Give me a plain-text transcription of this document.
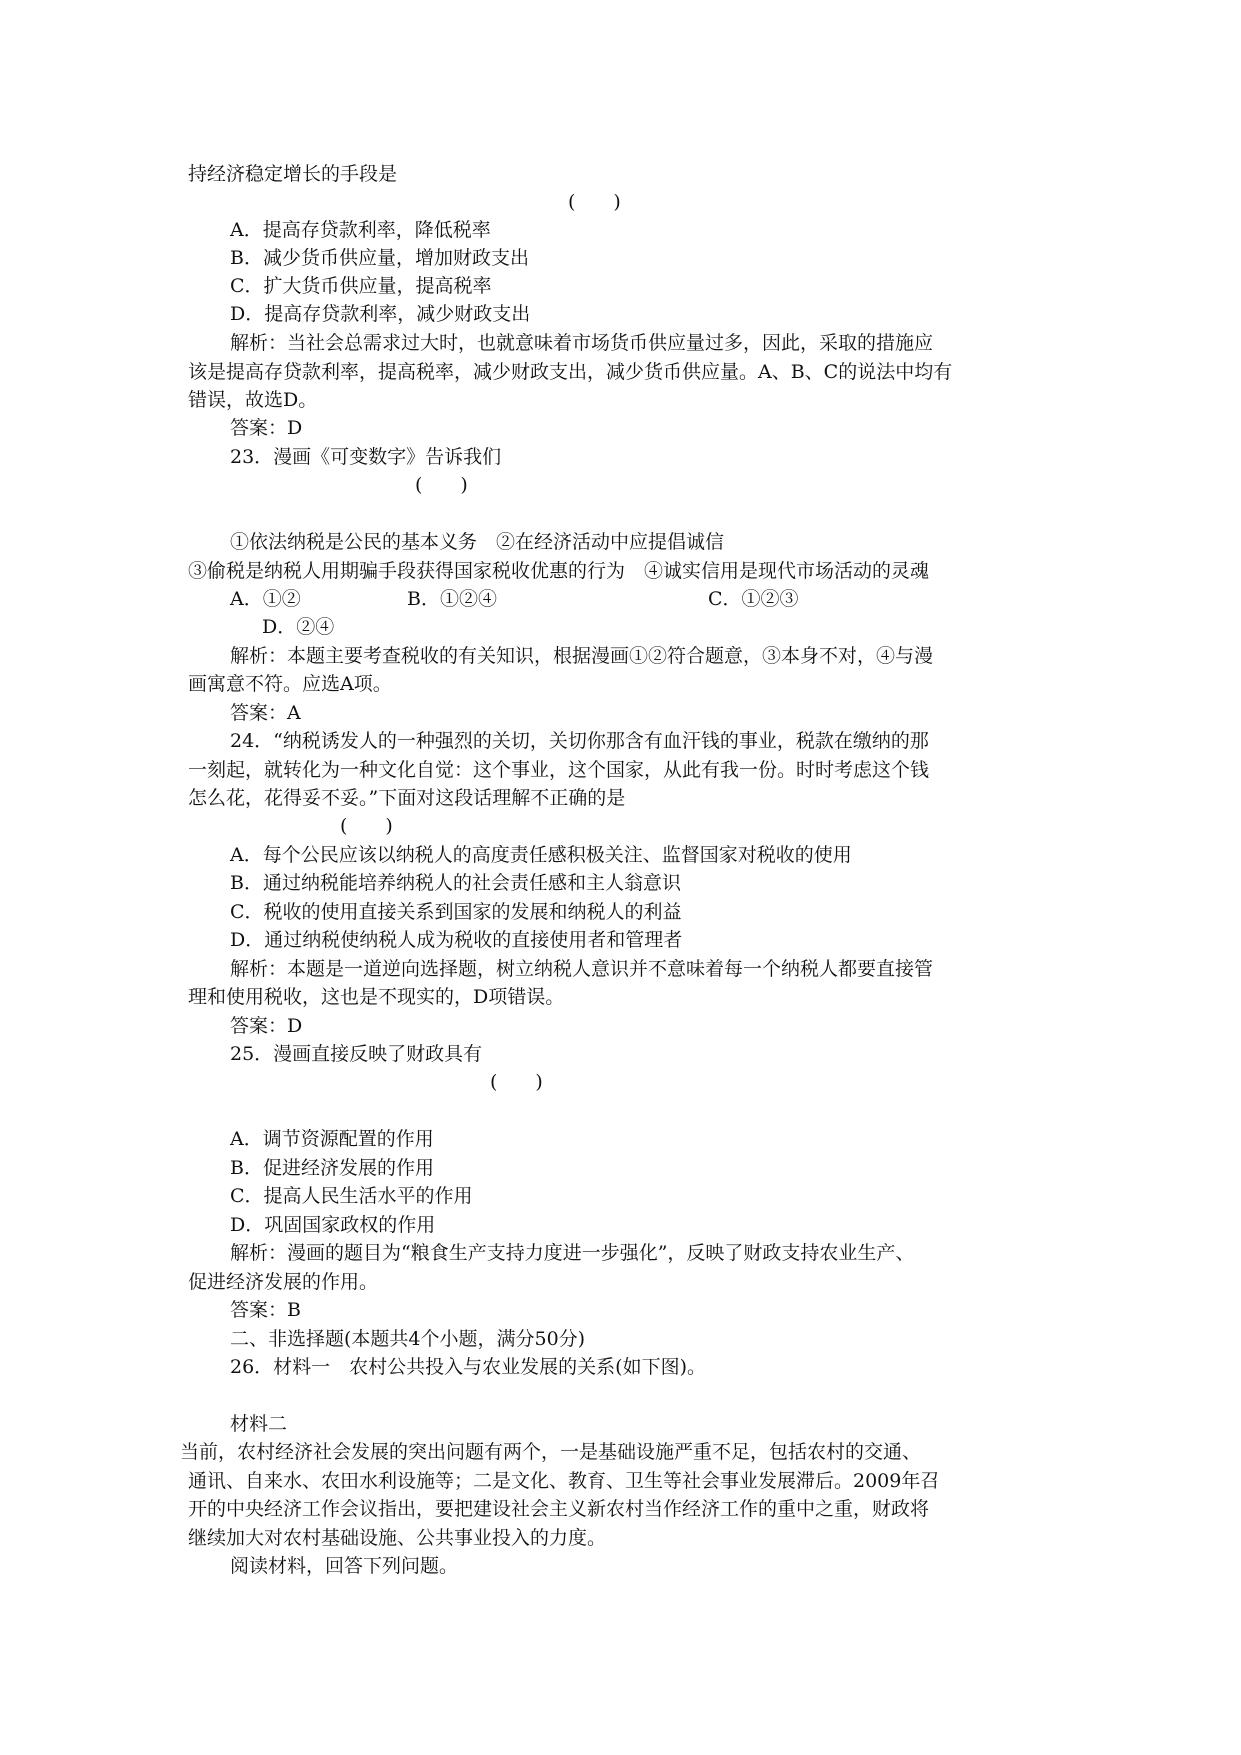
持经济稳定增长的手段是
(　　)
A．提高存贷款利率，降低税率
B．减少货币供应量，增加财政支出
C．扩大货币供应量，提高税率
D．提高存贷款利率，减少财政支出
解析：当社会总需求过大时，也就意味着市场货币供应量过多，因此，采取的措施应
该是提高存贷款利率，提高税率，减少财政支出，减少货币供应量。A、B、C的说法中均有
错误，故选D。
答案：D
23．漫画《可变数字》告诉我们
(　　)
①依法纳税是公民的基本义务　②在经济活动中应提倡诚信
③偷税是纳税人用期骗手段获得国家税收优惠的行为　④诚实信用是现代市场活动的灵魂
A．①②	B．①②④	C．①②③
D．②④
解析：本题主要考查税收的有关知识，根据漫画①②符合题意，③本身不对，④与漫
画寓意不符。应选A项。
答案：A
24．“纳税诱发人的一种强烈的关切，关切你那含有血汗钱的事业，税款在缴纳的那
一刻起，就转化为一种文化自觉：这个事业，这个国家，从此有我一份。时时考虑这个钱
怎么花，花得妥不妥。”下面对这段话理解不正确的是
(　　)
A．每个公民应该以纳税人的高度责任感积极关注、监督国家对税收的使用
B．通过纳税能培养纳税人的社会责任感和主人翁意识
C．税收的使用直接关系到国家的发展和纳税人的利益
D．通过纳税使纳税人成为税收的直接使用者和管理者
解析：本题是一道逆向选择题，树立纳税人意识并不意味着每一个纳税人都要直接管
理和使用税收，这也是不现实的，D项错误。
答案：D
25．漫画直接反映了财政具有
(　　)
A．调节资源配置的作用
B．促进经济发展的作用
C．提高人民生活水平的作用
D．巩固国家政权的作用
解析：漫画的题目为“粮食生产支持力度进一步强化”，反映了财政支持农业生产、
促进经济发展的作用。
答案：B
二、非选择题(本题共4个小题，满分50分)
26．材料一　农村公共投入与农业发展的关系(如下图)。
材料二
当前，农村经济社会发展的突出问题有两个，一是基础设施严重不足，包括农村的交通、
通讯、自来水、农田水利设施等；二是文化、教育、卫生等社会事业发展滞后。2009年召
开的中央经济工作会议指出，要把建设社会主义新农村当作经济工作的重中之重，财政将
继续加大对农村基础设施、公共事业投入的力度。
阅读材料，回答下列问题。
